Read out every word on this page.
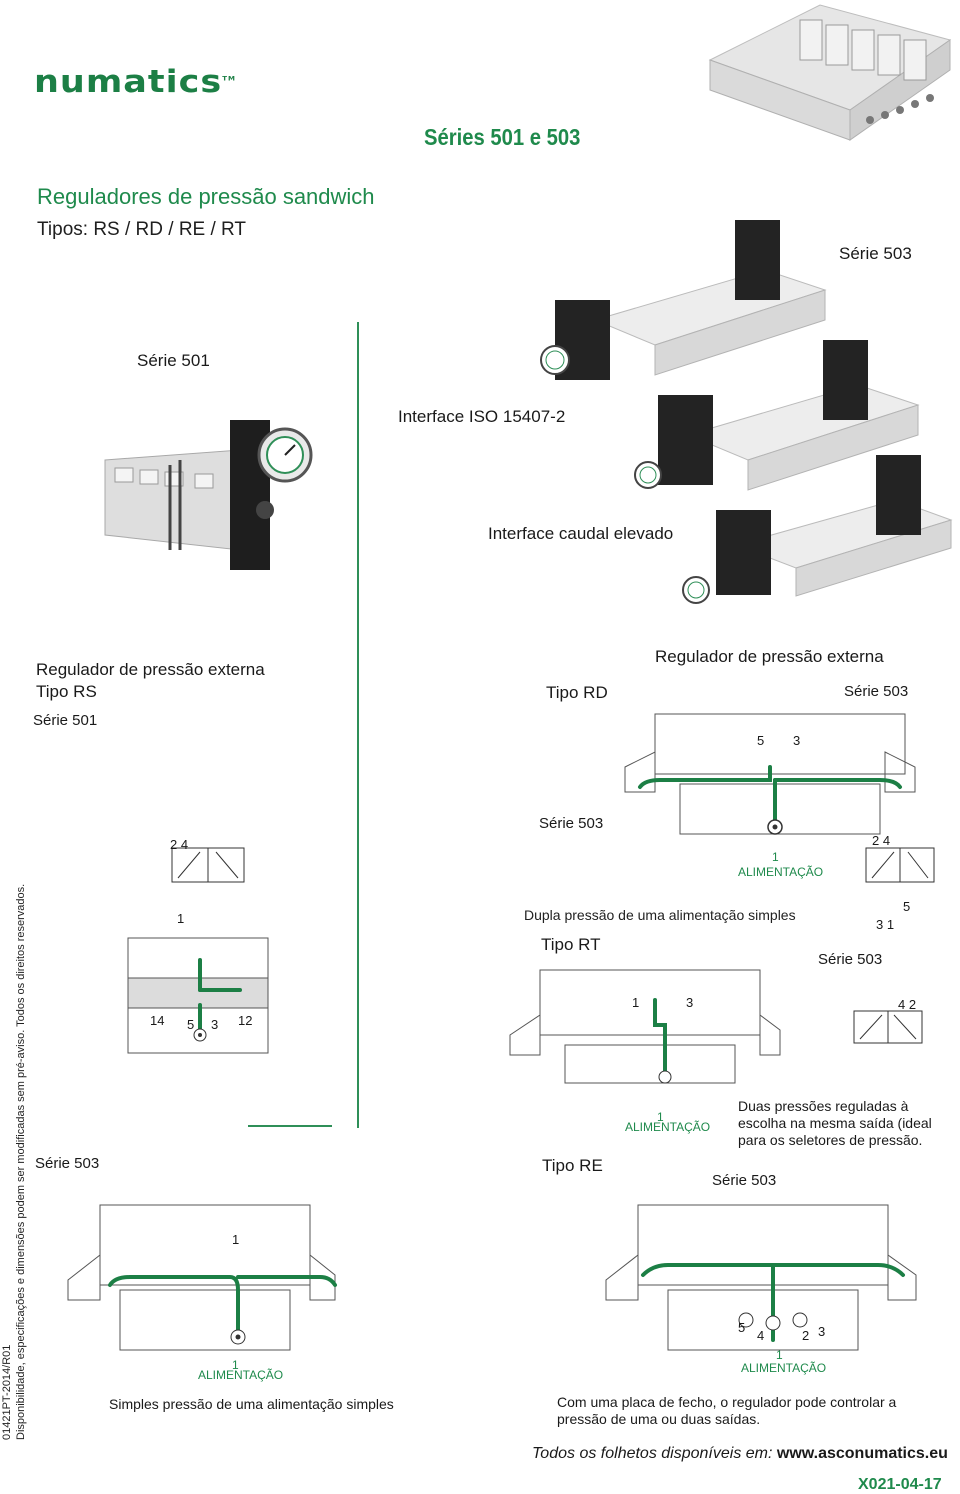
numatics™
Séries 501 e 503
Reguladores de pressão sandwich
Tipos: RS / RD / RE / RT
Série 503
Série 501
Interface ISO 15407-2
Interface caudal elevado
Regulador de pressão externa
Tipo RS
Série 501
Tipo RD
Regulador de pressão externa
Série 503
Série 503
5 3
1
ALIMENTAÇÃO
2 4
3 1
5
2 4
1
01421PT-2014/R01 Disponibilidade, especificações e dimensões podem ser modificadas sem pré-aviso. Todos os direitos reservados.	14 5 3 12
Dupla pressão de uma alimentação simples
Tipo RT
Série 503
1	3
1
ALIMENTAÇÃO
4 2
Duas pressões reguladas à escolha na mesma saída (ideal para os seletores de pressão.
Série 503	Tipo RE
Série 503
1
1
ALIMENTAÇÃO
5
4	2 3
1
ALIMENTAÇÃO
Simples pressão de uma alimentação simples	Com uma placa de fecho, o regulador pode controlar a pressão de uma ou duas saídas.
Todos os folhetos disponíveis em: www.asconumatics.eu
X021-04-17
